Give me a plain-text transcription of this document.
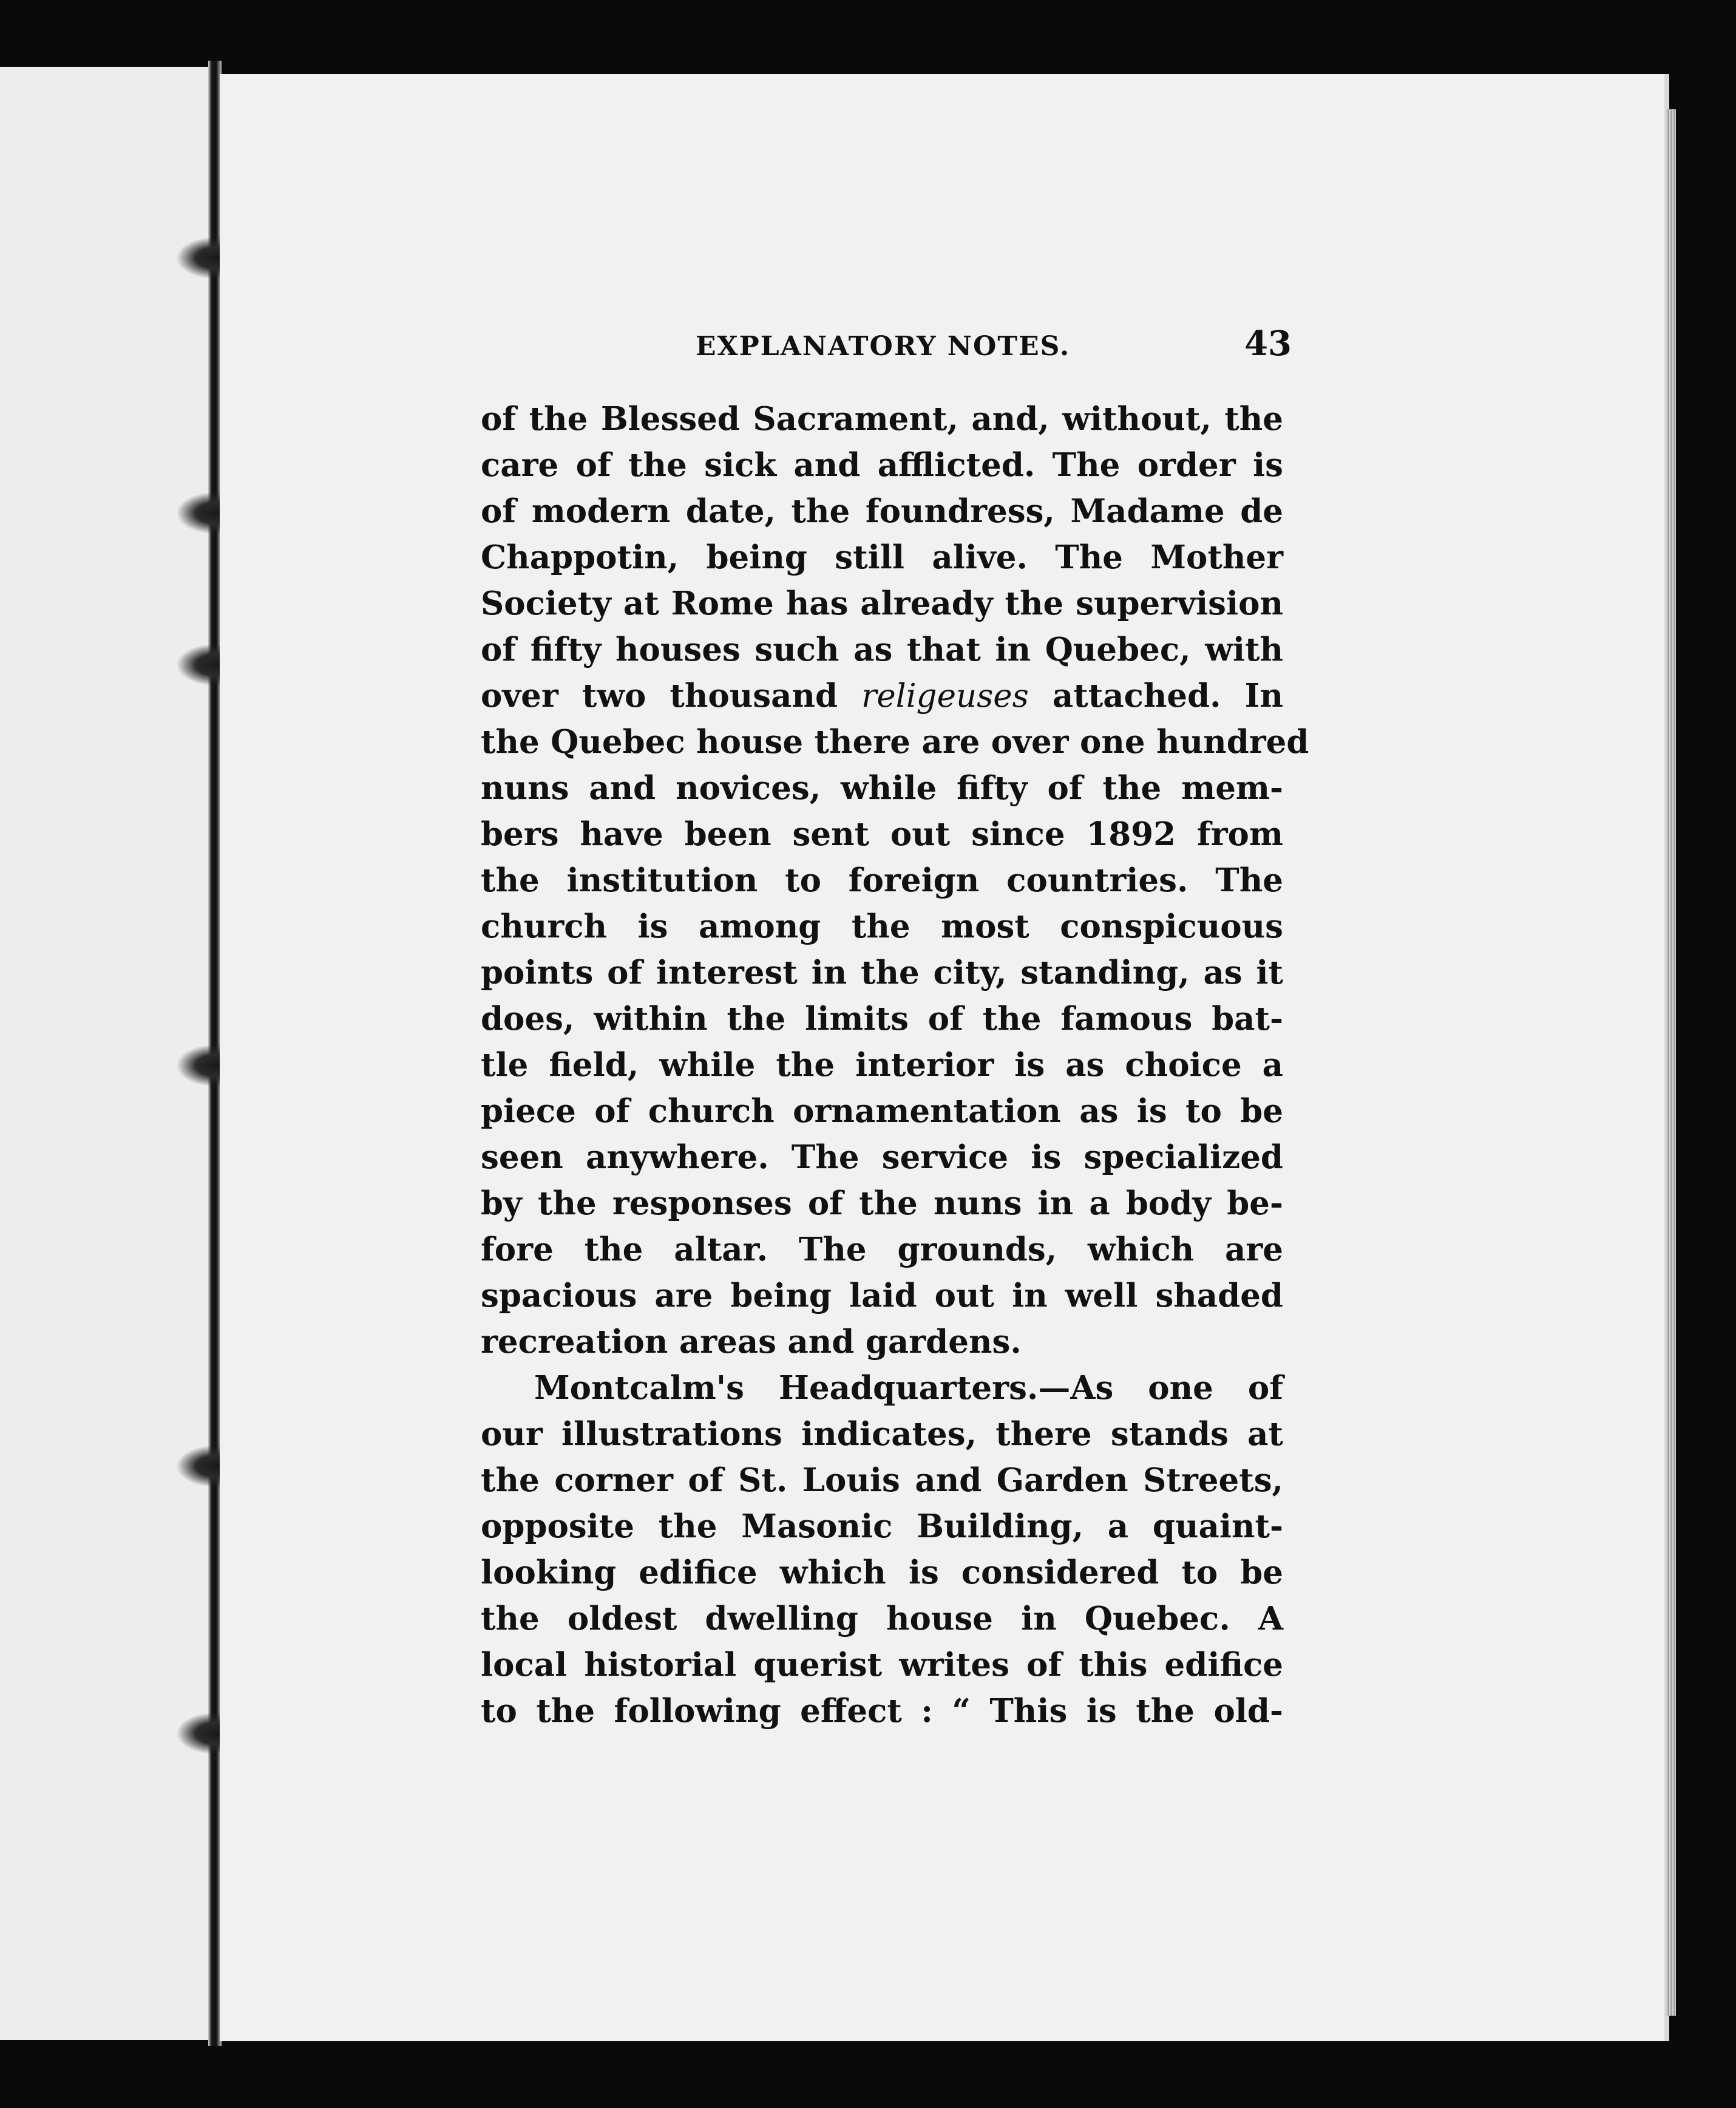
EXPLANATORY NOTES.	43
of the Blessed Sacrament, and, without, the
care of the sick and afflicted. The order is
of modern date, the foundress, Madame de
Chappotin, being still alive. The Mother
Society at Rome has already the supervision
of fifty houses such as that in Quebec, with
over two thousand religeuses attached. In
the Quebec house there are over one hundred
nuns and novices, while fifty of the mem-
bers have been sent out since 1892 from
the institution to foreign countries. The
church is among the most conspicuous
points of interest in the city, standing, as it
does, within the limits of the famous bat-
tle field, while the interior is as choice a
piece of church ornamentation as is to be
seen anywhere. The service is specialized
by the responses of the nuns in a body be-
fore the altar. The grounds, which are
spacious are being laid out in well shaded
recreation areas and gardens.
Montcalm's Headquarters.—As one of
our illustrations indicates, there stands at
the corner of St. Louis and Garden Streets,
opposite the Masonic Building, a quaint-
looking edifice which is considered to be
the oldest dwelling house in Quebec. A
local historial querist writes of this edifice
to the following effect : “ This is the old-
